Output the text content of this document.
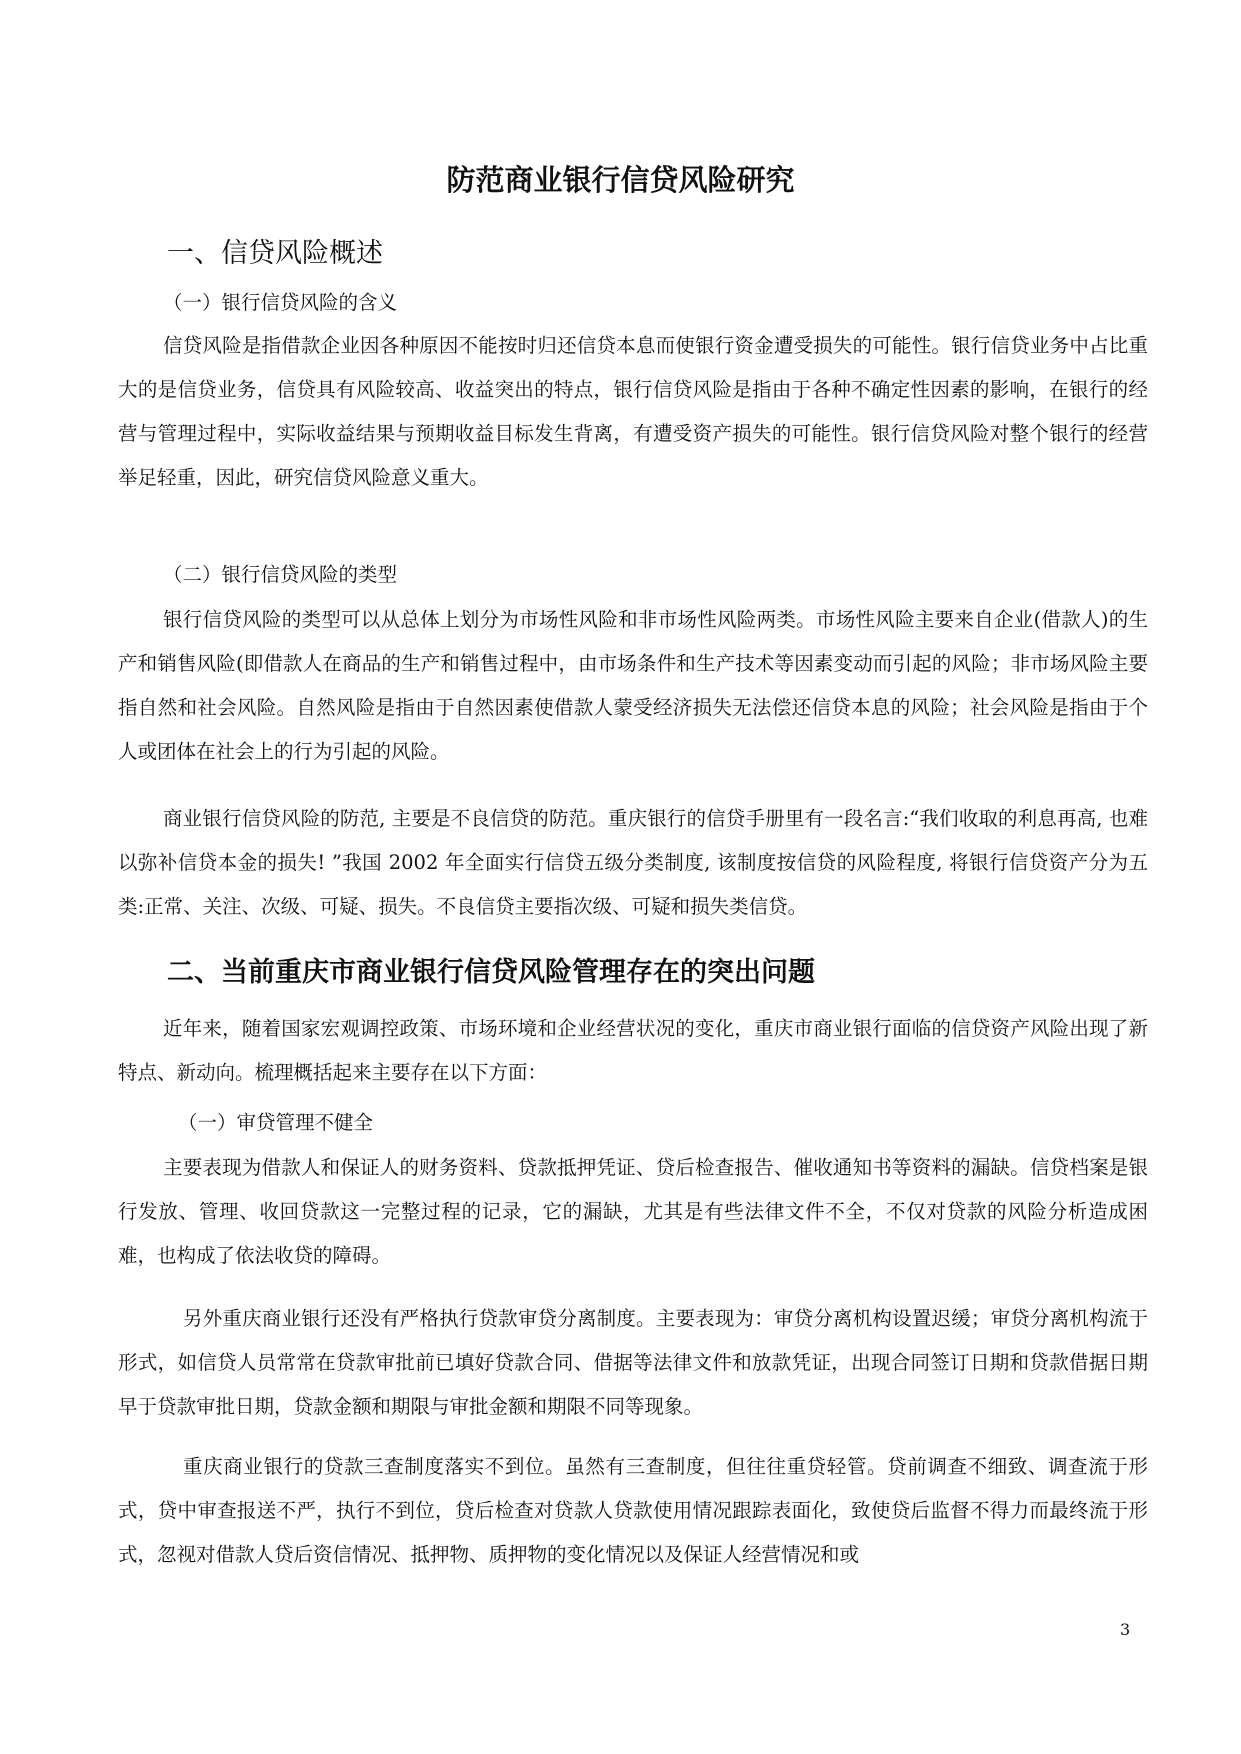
防范商业银行信贷风险研究
一、信贷风险概述
（一）银行信贷风险的含义
信贷风险是指借款企业因各种原因不能按时归还信贷本息而使银行资金遭受损失的可能性。银行信贷业务中占比重大的是信贷业务，信贷具有风险较高、收益突出的特点，银行信贷风险是指由于各种不确定性因素的影响，在银行的经营与管理过程中，实际收益结果与预期收益目标发生背离，有遭受资产损失的可能性。银行信贷风险对整个银行的经营举足轻重，因此，研究信贷风险意义重大。
（二）银行信贷风险的类型
银行信贷风险的类型可以从总体上划分为市场性风险和非市场性风险两类。市场性风险主要来自企业(借款人)的生产和销售风险(即借款人在商品的生产和销售过程中，由市场条件和生产技术等因素变动而引起的风险；非市场风险主要指自然和社会风险。自然风险是指由于自然因素使借款人蒙受经济损失无法偿还信贷本息的风险；社会风险是指由于个人或团体在社会上的行为引起的风险。
商业银行信贷风险的防范, 主要是不良信贷的防范。重庆银行的信贷手册里有一段名言:“我们收取的利息再高, 也难以弥补信贷本金的损失! ”我国 2002 年全面实行信贷五级分类制度, 该制度按信贷的风险程度, 将银行信贷资产分为五类:正常、关注、次级、可疑、损失。不良信贷主要指次级、可疑和损失类信贷。
二、当前重庆市商业银行信贷风险管理存在的突出问题
近年来，随着国家宏观调控政策、市场环境和企业经营状况的变化，重庆市商业银行面临的信贷资产风险出现了新特点、新动向。梳理概括起来主要存在以下方面：
（一）审贷管理不健全
主要表现为借款人和保证人的财务资料、贷款抵押凭证、贷后检查报告、催收通知书等资料的漏缺。信贷档案是银行发放、管理、收回贷款这一完整过程的记录，它的漏缺，尤其是有些法律文件不全，不仅对贷款的风险分析造成困难，也构成了依法收贷的障碍。
另外重庆商业银行还没有严格执行贷款审贷分离制度。主要表现为：审贷分离机构设置迟缓；审贷分离机构流于形式，如信贷人员常常在贷款审批前已填好贷款合同、借据等法律文件和放款凭证，出现合同签订日期和贷款借据日期早于贷款审批日期，贷款金额和期限与审批金额和期限不同等现象。
重庆商业银行的贷款三查制度落实不到位。虽然有三查制度，但往往重贷轻管。贷前调查不细致、调查流于形式，贷中审查报送不严，执行不到位，贷后检查对贷款人贷款使用情况跟踪表面化，致使贷后监督不得力而最终流于形式，忽视对借款人贷后资信情况、抵押物、质押物的变化情况以及保证人经营情况和或
3
